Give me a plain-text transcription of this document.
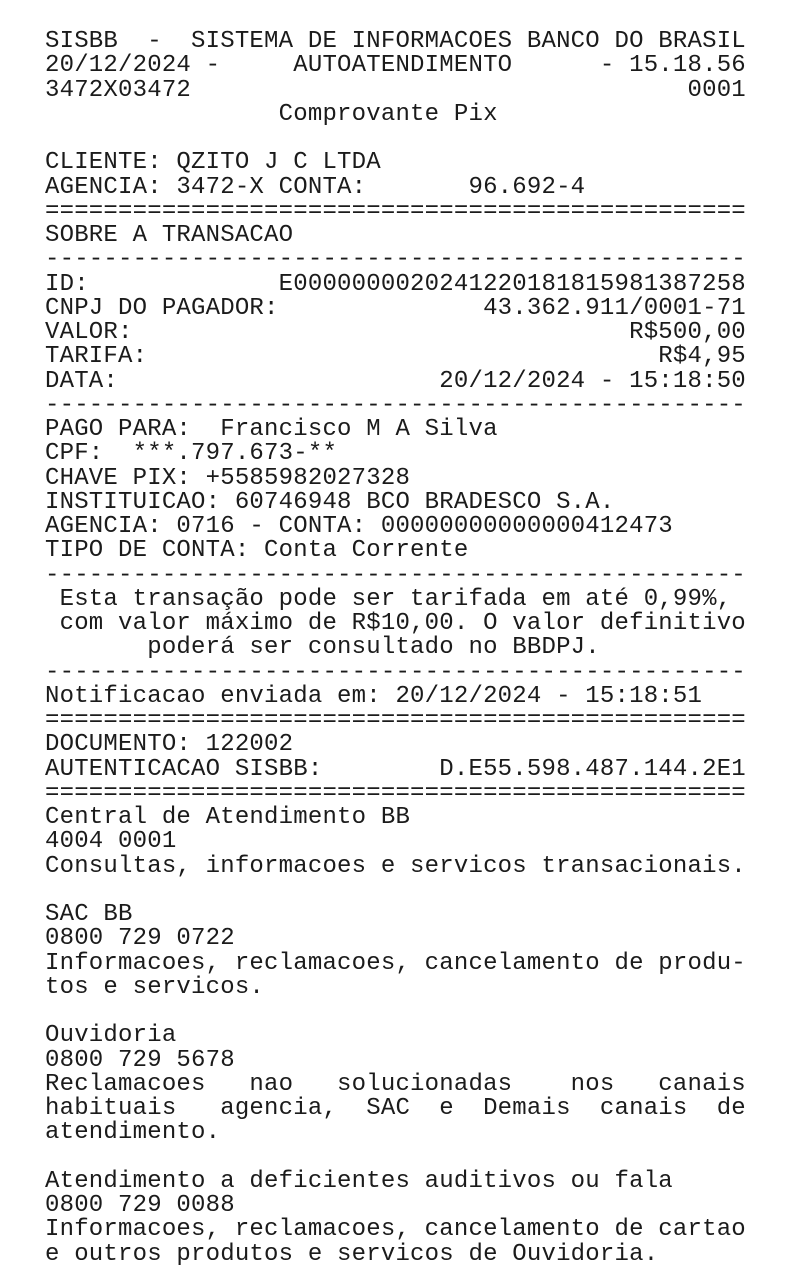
SISBB  -  SISTEMA DE INFORMACOES BANCO DO BRASIL
20/12/2024 -     AUTOATENDIMENTO      - 15.18.56
3472X03472                                  0001
Comprovante Pix
CLIENTE: QZITO J C LTDA
AGENCIA: 3472-X CONTA:       96.692-4
================================================
SOBRE A TRANSACAO
------------------------------------------------
ID:             E0000000020241220181815981387258
CNPJ DO PAGADOR:              43.362.911/0001-71
VALOR:                                  R$500,00
TARIFA:                                   R$4,95
DATA:                      20/12/2024 - 15:18:50
------------------------------------------------
PAGO PARA:  Francisco M A Silva
CPF:  ***.797.673-**
CHAVE PIX: +5585982027328
INSTITUICAO: 60746948 BCO BRADESCO S.A.
AGENCIA: 0716 - CONTA: 00000000000000412473
TIPO DE CONTA: Conta Corrente
------------------------------------------------
Esta transação pode ser tarifada em até 0,99%,
com valor máximo de R$10,00. O valor definitivo
poderá ser consultado no BBDPJ.
------------------------------------------------
Notificacao enviada em: 20/12/2024 - 15:18:51
================================================
DOCUMENTO: 122002
AUTENTICACAO SISBB:        D.E55.598.487.144.2E1
================================================
Central de Atendimento BB
4004 0001
Consultas, informacoes e servicos transacionais.
SAC BB
0800 729 0722
Informacoes, reclamacoes, cancelamento de produ-
tos e servicos.
Ouvidoria
0800 729 5678
Reclamacoes   nao   solucionadas    nos   canais
habituais   agencia,  SAC  e  Demais  canais  de
atendimento.
Atendimento a deficientes auditivos ou fala
0800 729 0088
Informacoes, reclamacoes, cancelamento de cartao
e outros produtos e servicos de Ouvidoria.
